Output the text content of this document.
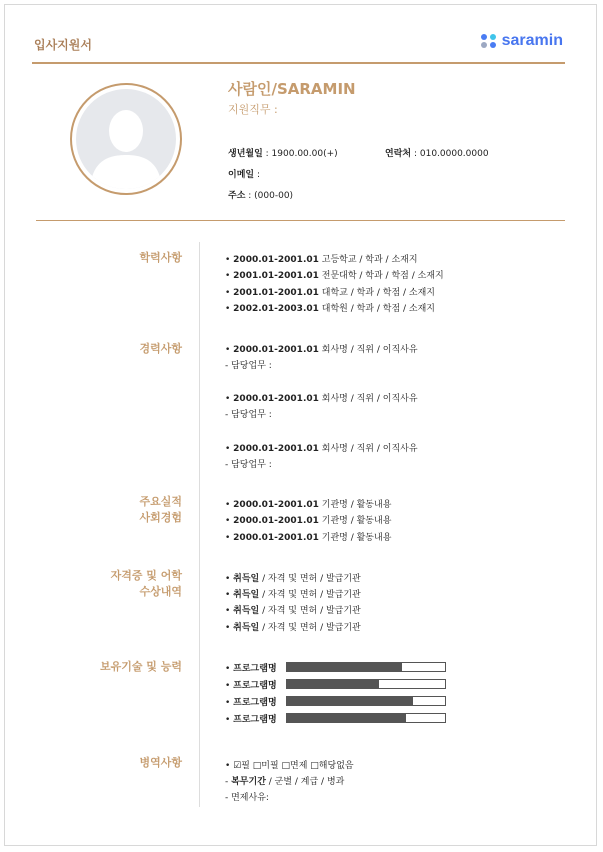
입사지원서	saramin
사람인/SARAMIN
지원직무 :
생년월일 : 1900.00.00(+)	연락처 : 010.0000.0000
이메일 :
주소 : (000-00)
학력사항	• 2000.01-2001.01 고등학교 / 학과 / 소재지
• 2001.01-2001.01 전문대학 / 학과 / 학점 / 소재지
• 2001.01-2001.01 대학교 / 학과 / 학점 / 소재지
• 2002.01-2003.01 대학원 / 학과 / 학점 / 소재지
경력사항	• 2000.01-2001.01 회사명 / 직위 / 이직사유
- 담당업무 :
• 2000.01-2001.01 회사명 / 직위 / 이직사유
- 담당업무 :
• 2000.01-2001.01 회사명 / 직위 / 이직사유
- 담당업무 :
주요실적
사회경험
• 2000.01-2001.01 기관명 / 활동내용
• 2000.01-2001.01 기관명 / 활동내용
• 2000.01-2001.01 기관명 / 활동내용
자격증 및 어학
수상내역
• 취득일 / 자격 및 면허 / 발급기관
• 취득일 / 자격 및 면허 / 발급기관
• 취득일 / 자격 및 면허 / 발급기관
• 취득일 / 자격 및 면허 / 발급기관
보유기술 및 능력	• 프로그램명
• 프로그램명
• 프로그램명
• 프로그램명
병역사항	• ☑필 □미필 □면제 □해당없음
- 복무기간 / 군별 / 계급 / 병과
- 면제사유:
